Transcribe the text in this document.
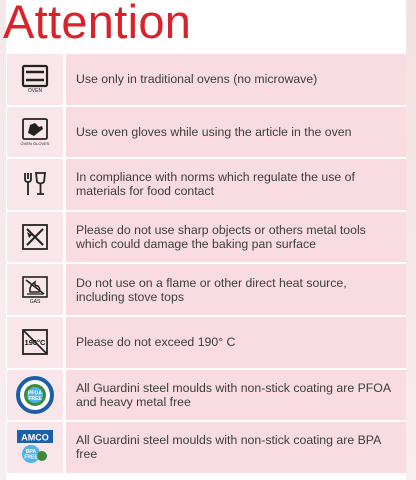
Attention
OVEN
Use only in traditional ovens (no microwave)
OVEN GLOVES
Use oven gloves while using the article in the oven
In compliance with norms which regulate the use of materials for food contact
Please do not use sharp objects or others metal tools which could damage the baking pan surface
GAS
Do not use on a flame or other direct heat source, including stove tops
190°C	Please do not exceed 190° C
PFOA
FREE
All Guardini steel moulds with non-stick coating are PFOA and heavy metal free
AMCO
BPA
FREE
All Guardini steel moulds with non-stick coating are BPA free
